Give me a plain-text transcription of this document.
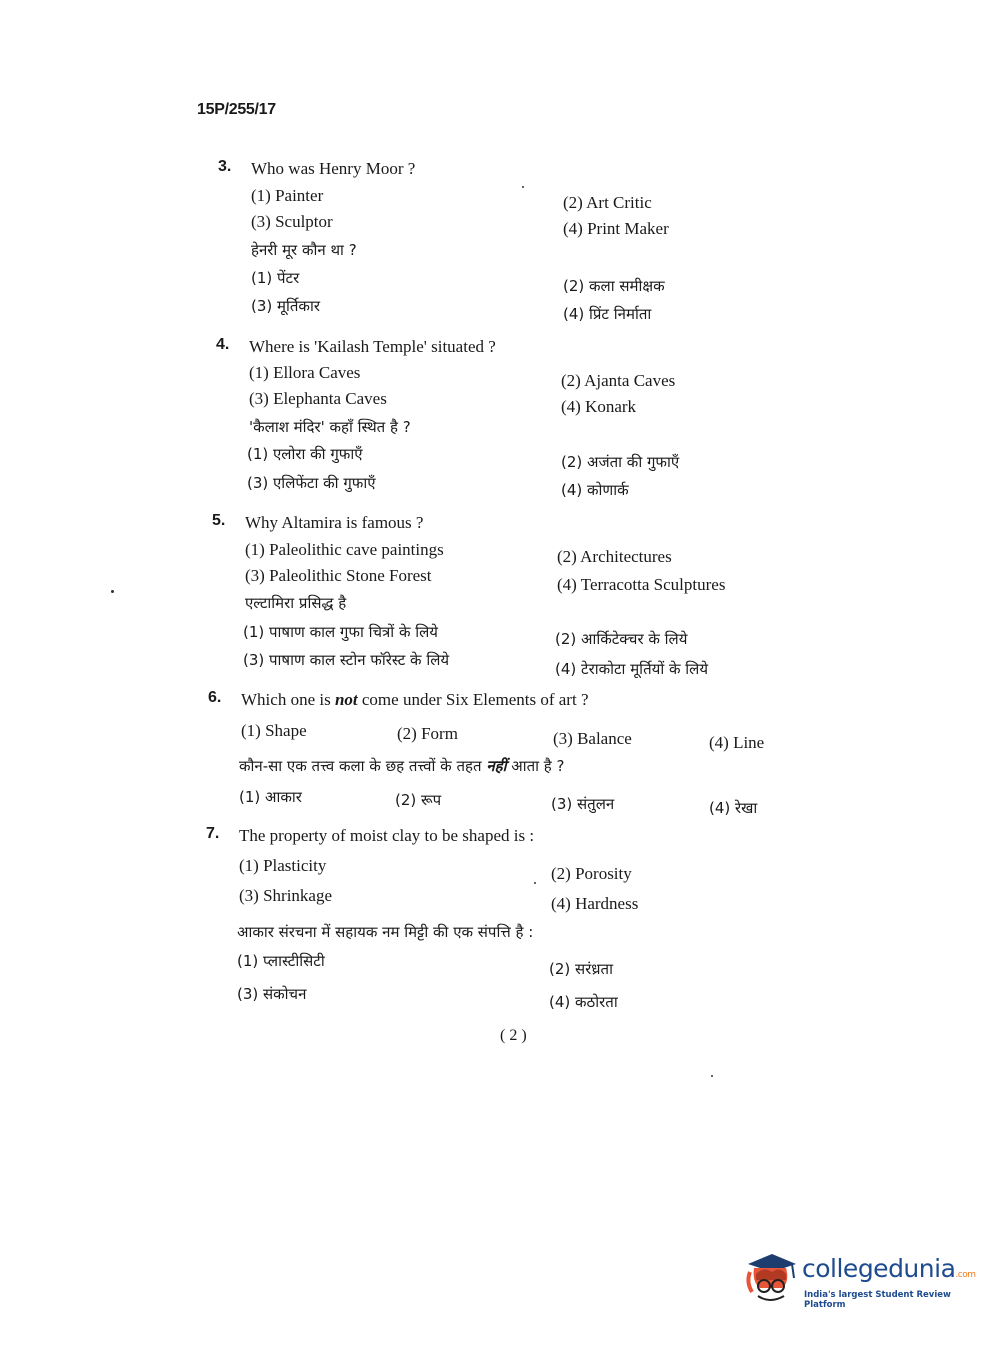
15P/255/17
3. Who was Henry Moor ?
(1) Painter	(2) Art Critic
(3) Sculptor	(4) Print Maker
हेनरी मूर कौन था ?
(1) पेंटर	(2) कला समीक्षक
(3) मूर्तिकार	(4) प्रिंट निर्माता
4. Where is 'Kailash Temple' situated ?
(1) Ellora Caves	(2) Ajanta Caves
(3) Elephanta Caves	(4) Konark
'कैलाश मंदिर' कहाँ स्थित है ?
(1) एलोरा की गुफाएँ	(2) अजंता की गुफाएँ
(3) एलिफेंटा की गुफाएँ	(4) कोणार्क
5. Why Altamira is famous ?
(1) Paleolithic cave paintings	(2) Architectures
(3) Paleolithic Stone Forest	(4) Terracotta Sculptures
एल्टामिरा प्रसिद्ध है
(1) पाषाण काल गुफा चित्रों के लिये	(2) आर्किटेक्चर के लिये
(3) पाषाण काल स्टोन फॉरेस्ट के लिये	(4) टेराकोटा मूर्तियों के लिये
6. Which one is not come under Six Elements of art ?
(1) Shape	(2) Form	(3) Balance	(4) Line
कौन-सा एक तत्त्व कला के छह तत्त्वों के तहत नहीं आता है ?
(1) आकार	(2) रूप	(3) संतुलन	(4) रेखा
7. The property of moist clay to be shaped is :
(1) Plasticity	(2) Porosity
(3) Shrinkage	(4) Hardness
आकार संरचना में सहायक नम मिट्टी की एक संपत्ति है :
(1) प्लास्टीसिटी	(2) सरंध्रता
(3) संकोचन	(4) कठोरता
( 2 )
collegedunia.com
India's largest Student Review Platform
